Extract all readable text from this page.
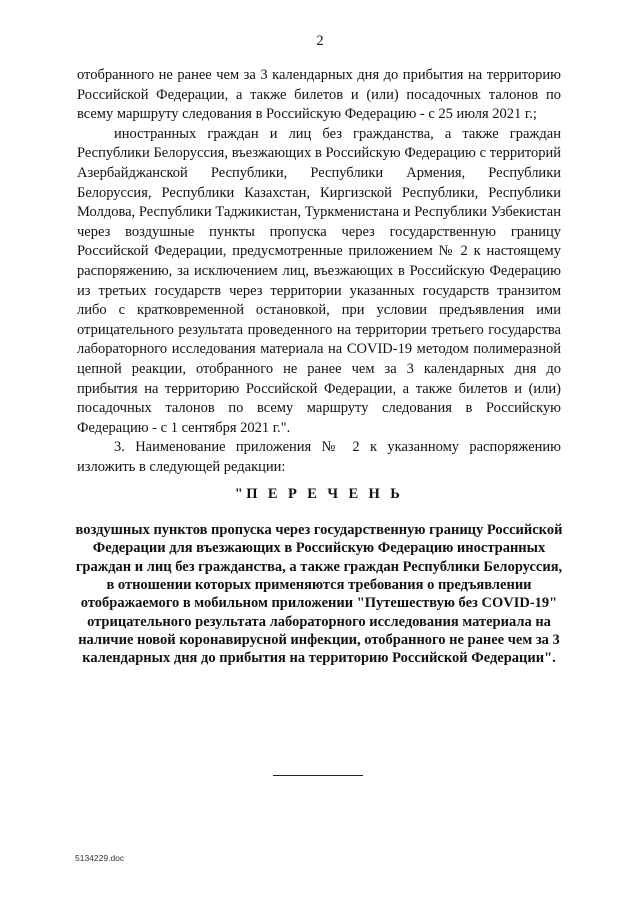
2

отобранного не ранее чем за 3 календарных дня до прибытия на территорию Российской Федерации, а также билетов и (или) посадочных талонов по всему маршруту следования в Российскую Федерацию - с 25 июля 2021 г.;

иностранных граждан и лиц без гражданства, а также граждан Республики Белоруссия, въезжающих в Российскую Федерацию с территорий Азербайджанской Республики, Республики Армения, Республики Белоруссия, Республики Казахстан, Киргизской Республики, Республики Молдова, Республики Таджикистан, Туркменистана и Республики Узбекистан через воздушные пункты пропуска через государственную границу Российской Федерации, предусмотренные приложением № 2 к настоящему распоряжению, за исключением лиц, въезжающих в Российскую Федерацию из третьих государств через территории указанных государств транзитом либо с кратковременной остановкой, при условии предъявления ими отрицательного результата проведенного на территории третьего государства лабораторного исследования материала на COVID-19 методом полимеразной цепной реакции, отобранного не ранее чем за 3 календарных дня до прибытия на территорию Российской Федерации, а также билетов и (или) посадочных талонов по всему маршруту следования в Российскую Федерацию - с 1 сентября 2021 г.".

3. Наименование приложения № 2 к указанному распоряжению изложить в следующей редакции:

"П Е Р Е Ч Е Н Ь

воздушных пунктов пропуска через государственную границу Российской Федерации для въезжающих в Российскую Федерацию иностранных граждан и лиц без гражданства, а также граждан Республики Белоруссия, в отношении которых применяются требования о предъявлении отображаемого в мобильном приложении "Путешествую без COVID-19" отрицательного результата лабораторного исследования материала на наличие новой коронавирусной инфекции, отобранного не ранее чем за 3 календарных дня до прибытия на территорию Российской Федерации".

5134229.doc
